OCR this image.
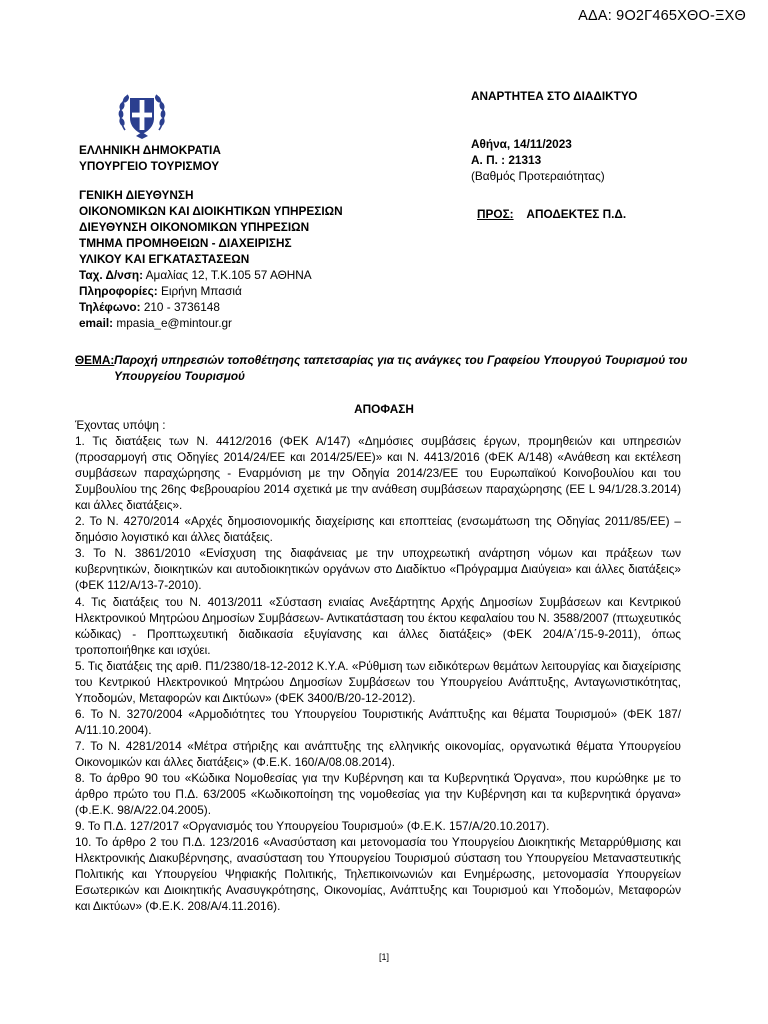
ΑΔΑ: 9Ο2Γ465ΧΘΟ-ΞΧΘ
ΕΛΛΗΝΙΚΗ ΔΗΜΟΚΡΑΤΙΑ
ΥΠΟΥΡΓΕΙΟ ΤΟΥΡΙΣΜΟΥ
ΓΕΝΙΚΗ ΔΙΕΥΘΥΝΣΗ
ΟΙΚΟΝΟΜΙΚΩΝ ΚΑΙ ΔΙΟΙΚΗΤΙΚΩΝ ΥΠΗΡΕΣΙΩΝ
ΔΙΕΥΘΥΝΣΗ ΟΙΚΟΝΟΜΙΚΩΝ ΥΠΗΡΕΣΙΩΝ
ΤΜΗΜΑ ΠΡΟΜΗΘΕΙΩΝ - ΔΙΑΧΕΙΡΙΣΗΣ
ΥΛΙΚΟΥ ΚΑΙ ΕΓΚΑΤΑΣΤΑΣΕΩΝ
Ταχ. Δ/νση: Αμαλίας 12, Τ.Κ.105 57 ΑΘΗΝΑ
Πληροφορίες: Ειρήνη Μπασιά
Τηλέφωνο: 210 - 3736148
email: mpasia_e@mintour.gr
ΑΝΑΡΤΗΤΕΑ ΣΤΟ ΔΙΑΔΙΚΤΥΟ
Αθήνα, 14/11/2023
Α. Π. : 21313
(Βαθμός Προτεραιότητας)
ΠΡΟΣ: ΑΠΟΔΕΚΤΕΣ Π.Δ.
ΘΕΜΑ: Παροχή υπηρεσιών τοποθέτησης ταπετσαρίας για τις ανάγκες του Γραφείου Υπουργού Τουρισμού του Υπουργείου Τουρισμού
ΑΠΟΦΑΣΗ

Έχοντας υπόψη :

1. Τις διατάξεις των Ν. 4412/2016 (ΦΕΚ Α/147) «Δημόσιες συμβάσεις έργων, προμηθειών και υπηρεσιών (προσαρμογή στις Οδηγίες 2014/24/ΕΕ και 2014/25/ΕΕ)» και Ν. 4413/2016 (ΦΕΚ Α/148) «Ανάθεση και εκτέλεση συμβάσεων παραχώρησης - Εναρμόνιση με την Οδηγία 2014/23/ΕΕ του Ευρωπαϊκού Κοινοβουλίου και του Συμβουλίου της 26ης Φεβρουαρίου 2014 σχετικά με την ανάθεση συμβάσεων παραχώρησης (ΕΕ L 94/1/28.3.2014) και άλλες διατάξεις».

2. Το Ν. 4270/2014 «Αρχές δημοσιονομικής διαχείρισης και εποπτείας (ενσωμάτωση της Οδηγίας 2011/85/ΕΕ) – δημόσιο λογιστικό και άλλες διατάξεις.

3. Το Ν. 3861/2010 «Ενίσχυση της διαφάνειας με την υποχρεωτική ανάρτηση νόμων και πράξεων των κυβερνητικών, διοικητικών και αυτοδιοικητικών οργάνων στο Διαδίκτυο «Πρόγραμμα Διαύγεια» και άλλες διατάξεις» (ΦΕΚ 112/Α/13-7-2010).

4. Τις διατάξεις του Ν. 4013/2011 «Σύσταση ενιαίας Ανεξάρτητης Αρχής Δημοσίων Συμβάσεων και Κεντρικού Ηλεκτρονικού Μητρώου Δημοσίων Συμβάσεων- Αντικατάσταση του έκτου κεφαλαίου του Ν. 3588/2007 (πτωχευτικός κώδικας) - Προπτωχευτική διαδικασία εξυγίανσης και άλλες διατάξεις» (ΦΕΚ 204/Α΄/15-9-2011), όπως τροποποιήθηκε και ισχύει.

5. Τις διατάξεις της αριθ. Π1/2380/18-12-2012 Κ.Υ.Α. «Ρύθμιση των ειδικότερων θεμάτων λειτουργίας και διαχείρισης του Κεντρικού Ηλεκτρονικού Μητρώου Δημοσίων Συμβάσεων του Υπουργείου Ανάπτυξης, Ανταγωνιστικότητας, Υποδομών, Μεταφορών και Δικτύων» (ΦΕΚ 3400/Β/20-12-2012).

6. Το Ν. 3270/2004 «Αρμοδιότητες του Υπουργείου Τουριστικής Ανάπτυξης και θέματα Τουρισμού» (ΦΕΚ 187/Α/11.10.2004).

7. Το Ν. 4281/2014 «Μέτρα στήριξης και ανάπτυξης της ελληνικής οικονομίας, οργανωτικά θέματα Υπουργείου Οικονομικών και άλλες διατάξεις» (Φ.Ε.Κ. 160/Α/08.08.2014).

8. Το άρθρο 90 του «Κώδικα Νομοθεσίας για την Κυβέρνηση και τα Κυβερνητικά Όργανα», που κυρώθηκε με το άρθρο πρώτο του Π.Δ. 63/2005 «Κωδικοποίηση της νομοθεσίας για την Κυβέρνηση και τα κυβερνητικά όργανα» (Φ.Ε.Κ. 98/Α/22.04.2005).

9. Το Π.Δ. 127/2017 «Οργανισμός του Υπουργείου Τουρισμού» (Φ.Ε.Κ. 157/Α/20.10.2017).

10. Το άρθρο 2 του Π.Δ. 123/2016 «Ανασύσταση και μετονομασία του Υπουργείου Διοικητικής Μεταρρύθμισης και Ηλεκτρονικής Διακυβέρνησης, ανασύσταση του Υπουργείου Τουρισμού σύσταση του Υπουργείου Μεταναστευτικής Πολιτικής και Υπουργείου Ψηφιακής Πολιτικής, Τηλεπικοινωνιών και Ενημέρωσης, μετονομασία Υπουργείων Εσωτερικών και Διοικητικής Ανασυγκρότησης, Οικονομίας, Ανάπτυξης και Τουρισμού και Υποδομών, Μεταφορών και Δικτύων» (Φ.Ε.Κ. 208/Α/4.11.2016).

[1]
